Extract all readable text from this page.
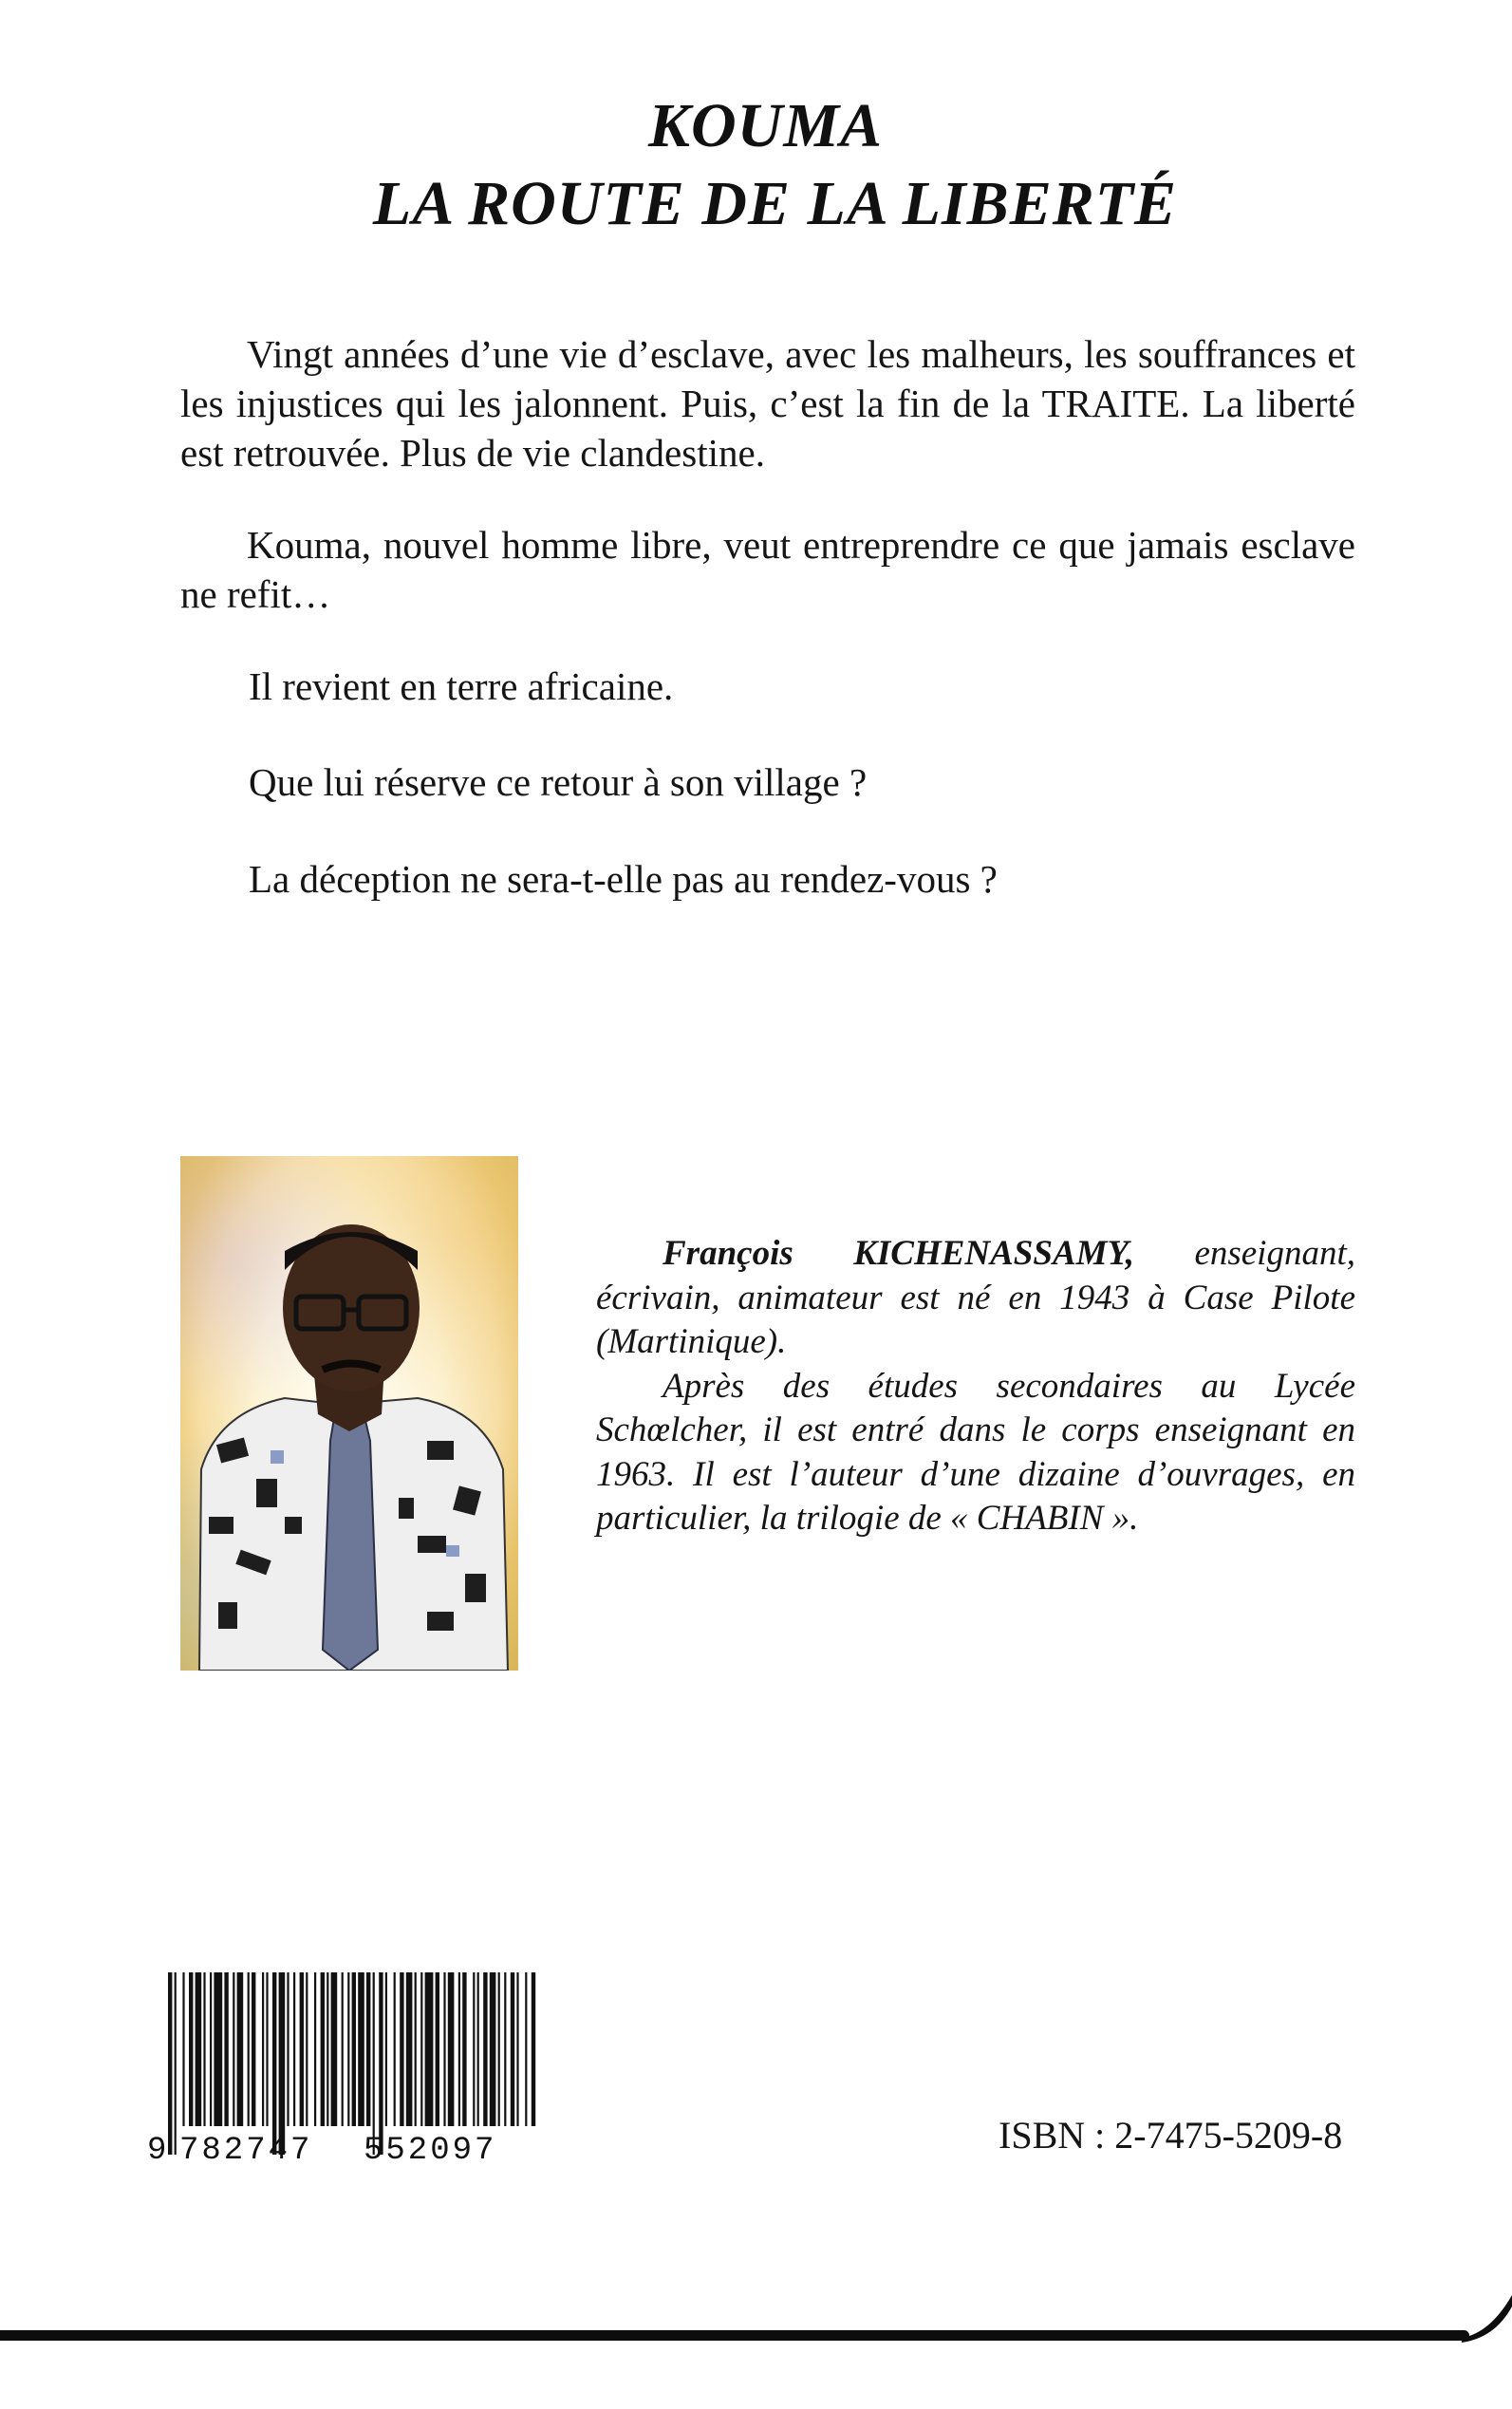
KOUMA
LA ROUTE DE LA LIBERTÉ
Vingt années d’une vie d’esclave, avec les malheurs, les souffrances et les injustices qui les jalonnent. Puis, c’est la fin de la TRAITE. La liberté est retrouvée. Plus de vie clandestine.
Kouma, nouvel homme libre, veut entreprendre ce que jamais esclave ne refit…
Il revient en terre africaine.
Que lui réserve ce retour à son village ?
La déception ne sera-t-elle pas au rendez-vous ?

François KICHENASSAMY, enseignant, écrivain, animateur est né en 1943 à Case Pilote (Martinique).

Après des études secondaires au Lycée Schœlcher, il est entré dans le corps enseignant en 1963. Il est l’auteur d’une dizaine d’ouvrages, en particulier, la trilogie de « CHABIN ».

9 782747 552097	ISBN : 2-7475-5209-8
